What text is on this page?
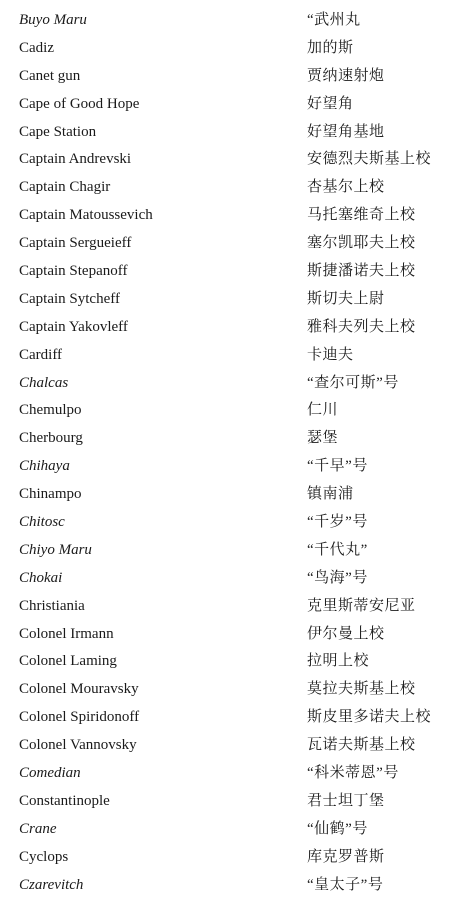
Buyo Maru	“武州丸
Cadiz	加的斯
Canet gun	贾纳速射炮
Cape of Good Hope	好望角
Cape Station	好望角基地
Captain Andrevski	安德烈夫斯基上校
Captain Chagir	杏基尔上校
Captain Matoussevich	马托塞维奇上校
Captain Sergueieff	塞尔凯耶夫上校
Captain Stepanoff	斯捷潘诺夫上校
Captain Sytcheff	斯切夫上尉
Captain Yakovleff	雅科夫列夫上校
Cardiff	卡迪夫
Chalcas	“查尔可斯”号
Chemulpo	仁川
Cherbourg	瑟堡
Chihaya	“千早”号
Chinampo	镇南浦
Chitosc	“千岁”号
Chiyo Maru	“千代丸”
Chokai	“鸟海”号
Christiania	克里斯蒂安尼亚
Colonel Irmann	伊尔曼上校
Colonel Laming	拉明上校
Colonel Mouravsky	莫拉夫斯基上校
Colonel Spiridonoff	斯皮里多诺夫上校
Colonel Vannovsky	瓦诺夫斯基上校
Comedian	“科米蒂恩”号
Constantinople	君士坦丁堡
Crane	“仙鹤”号
Cyclops	库克罗普斯
Czarevitch	“皇太子”号
